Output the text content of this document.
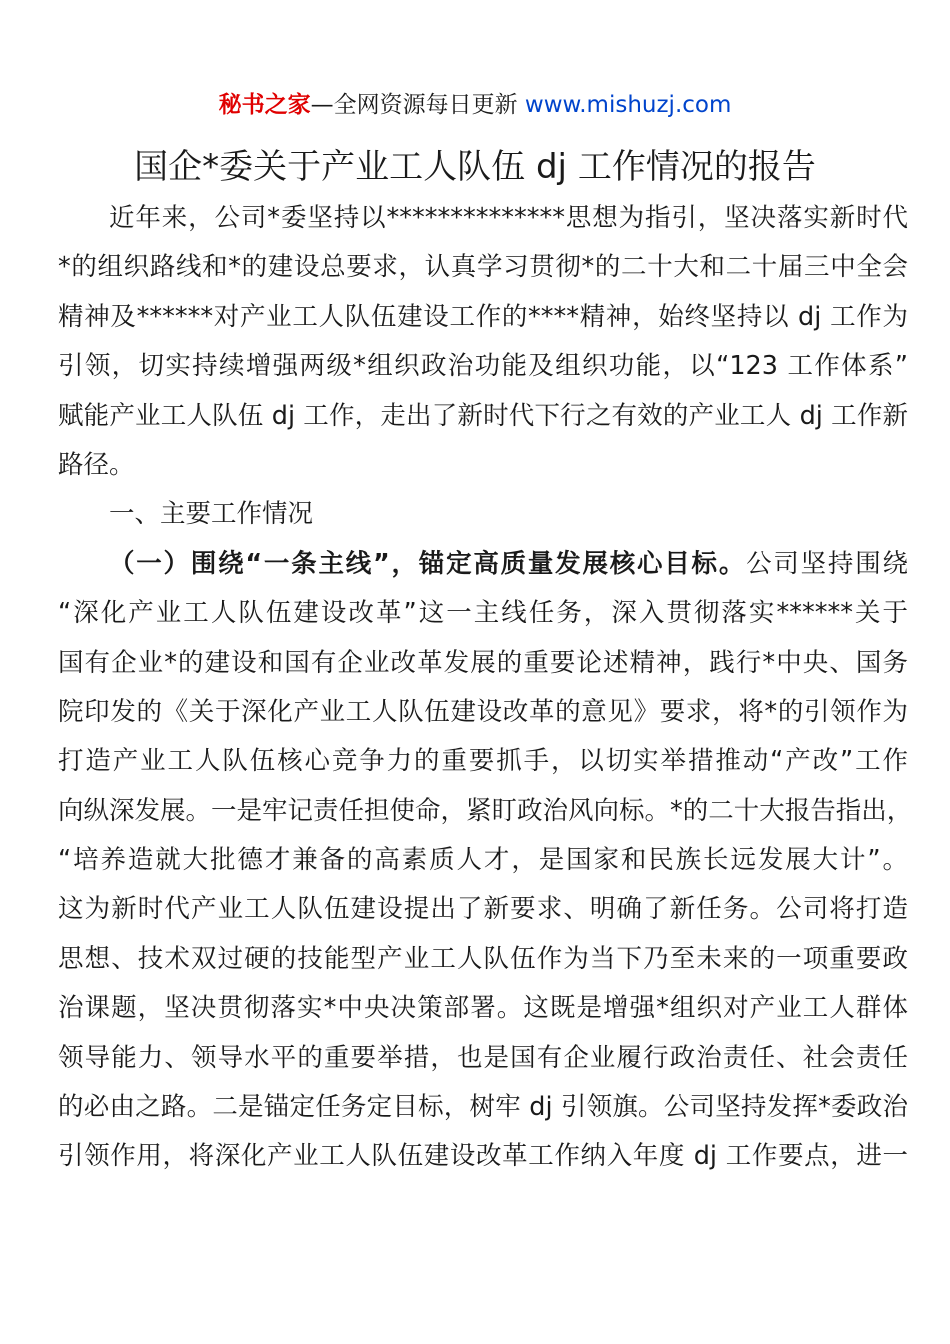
秘书之家—全网资源每日更新 www.mishuzj.com
国企*委关于产业工人队伍 dj 工作情况的报告
近年来，公司*委坚持以**************思想为指引，坚决落实新时代
*的组织路线和*的建设总要求，认真学习贯彻*的二十大和二十届三中全会
精神及******对产业工人队伍建设工作的****精神，始终坚持以 dj 工作为
引领，切实持续增强两级*组织政治功能及组织功能，以“123 工作体系”
赋能产业工人队伍 dj 工作，走出了新时代下行之有效的产业工人 dj 工作新
路径。
一、主要工作情况
（一）围绕“一条主线”，锚定高质量发展核心目标。公司坚持围绕
“深化产业工人队伍建设改革”这一主线任务，深入贯彻落实******关于
国有企业*的建设和国有企业改革发展的重要论述精神，践行*中央、国务
院印发的《关于深化产业工人队伍建设改革的意见》要求，将*的引领作为
打造产业工人队伍核心竞争力的重要抓手，以切实举措推动“产改”工作
向纵深发展。一是牢记责任担使命，紧盯政治风向标。*的二十大报告指出，
“培养造就大批德才兼备的高素质人才，是国家和民族长远发展大计”。
这为新时代产业工人队伍建设提出了新要求、明确了新任务。公司将打造
思想、技术双过硬的技能型产业工人队伍作为当下乃至未来的一项重要政
治课题，坚决贯彻落实*中央决策部署。这既是增强*组织对产业工人群体
领导能力、领导水平的重要举措，也是国有企业履行政治责任、社会责任
的必由之路。二是锚定任务定目标，树牢 dj 引领旗。公司坚持发挥*委政治
引领作用，将深化产业工人队伍建设改革工作纳入年度 dj 工作要点，进一
